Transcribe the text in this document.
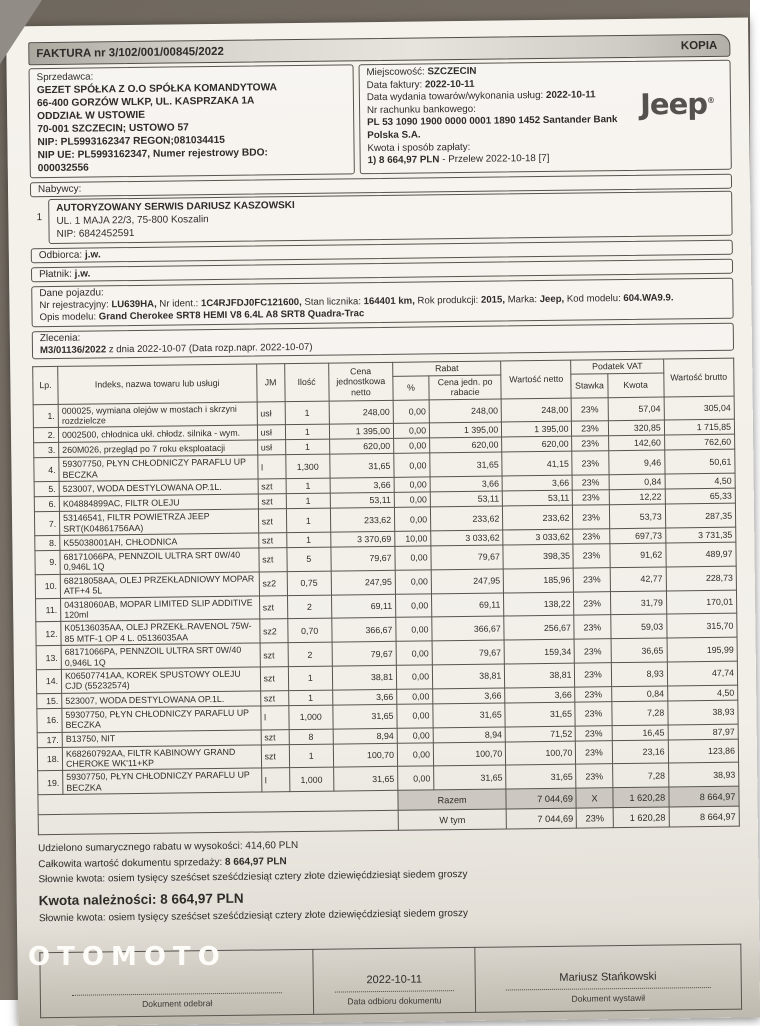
FAKTURA nr 3/102/001/00845/2022	KOPIA
Sprzedawca:
GEZET SPÓŁKA Z O.O SPÓŁKA KOMANDYTOWA
66-400 GORZÓW WLKP, UL. KASPRZAKA 1A
ODDZIAŁ W USTOWIE
70-001 SZCZECIN; USTOWO 57
NIP: PL5993162347 REGON;081034415
NIP UE: PL5993162347, Numer rejestrowy BDO:
000032556
Miejscowość: SZCZECIN
Data faktury: 2022-10-11
Data wydania towarów/wykonania usług: 2022-10-11
Nr rachunku bankowego:
PL 53 1090 1900 0000 0001 1890 1452 Santander Bank
Polska S.A.
Kwota i sposób zapłaty:
1) 8 664,97 PLN - Przelew 2022-10-18 [7]
Jeep®
Nabywcy:
1
AUTORYZOWANY SERWIS DARIUSZ KASZOWSKI
UL. 1 MAJA 22/3, 75-800 Koszalin
NIP: 6842452591
Odbiorca: j.w.
Płatnik: j.w.
Dane pojazdu:
Nr rejestracyjny: LU639HA, Nr ident.: 1C4RJFDJ0FC121600, Stan licznika: 164401 km, Rok produkcji: 2015, Marka: Jeep, Kod modelu: 604.WA9.9.
Opis modelu: Grand Cherokee SRT8 HEMI V8 6.4L A8 SRT8 Quadra-Trac
Zlecenia:
M3/01136/2022 z dnia 2022-10-07 (Data rozp.napr. 2022-10-07)
Lp.	Indeks, nazwa towaru lub usługi	JM	Ilość	Cena jednostkowa netto	Rabat		Wartość netto	Podatek VAT		Wartość brutto
					%	Cena jedn. po rabacie		Stawka	Kwota	
1.	000025, wymiana olejów w mostach i skrzyni rozdzielcze	usł	1	248,00	0,00	248,00	248,00	23%	57,04	305,04
2.	0002500, chłodnica ukł. chłodz. silnika - wym.	usł	1	1 395,00	0,00	1 395,00	1 395,00	23%	320,85	1 715,85
3.	260M026, przegląd po 7 roku eksploatacji	usł	1	620,00	0,00	620,00	620,00	23%	142,60	762,60
4.	59307750, PŁYN CHŁODNICZY PARAFLU UP BECZKA	l	1,300	31,65	0,00	31,65	41,15	23%	9,46	50,61
5.	523007, WODA DESTYLOWANA OP.1L.	szt	1	3,66	0,00	3,66	3,66	23%	0,84	4,50
6.	K04884899AC, FILTR OLEJU	szt	1	53,11	0,00	53,11	53,11	23%	12,22	65,33
7.	53146541, FILTR POWIETRZA JEEP SRT(K04861756AA)	szt	1	233,62	0,00	233,62	233,62	23%	53,73	287,35
8.	K55038001AH, CHŁODNICA	szt	1	3 370,69	10,00	3 033,62	3 033,62	23%	697,73	3 731,35
9.	68171066PA, PENNZOIL ULTRA SRT 0W/40 0,946L 1Q	szt	5	79,67	0,00	79,67	398,35	23%	91,62	489,97
10.	68218058AA, OLEJ PRZEKŁADNIOWY MOPAR ATF+4 5L	sz2	0,75	247,95	0,00	247,95	185,96	23%	42,77	228,73
11.	04318060AB, MOPAR LIMITED SLIP ADDITIVE 120ml	szt	2	69,11	0,00	69,11	138,22	23%	31,79	170,01
12.	K05136035AA, OLEJ PRZEKŁ.RAVENOL 75W-85 MTF-1 OP 4 L. 05136035AA	sz2	0,70	366,67	0,00	366,67	256,67	23%	59,03	315,70
13.	68171066PA, PENNZOIL ULTRA SRT 0W/40 0,946L 1Q	szt	2	79,67	0,00	79,67	159,34	23%	36,65	195,99
14.	K06507741AA, KOREK SPUSTOWY OLEJU CJD (55232574)	szt	1	38,81	0,00	38,81	38,81	23%	8,93	47,74
15.	523007, WODA DESTYLOWANA OP.1L.	szt	1	3,66	0,00	3,66	3,66	23%	0,84	4,50
16.	59307750, PŁYN CHŁODNICZY PARAFLU UP BECZKA	l	1,000	31,65	0,00	31,65	31,65	23%	7,28	38,93
17.	B13750, NIT	szt	8	8,94	0,00	8,94	71,52	23%	16,45	87,97
18.	K68260792AA, FILTR KABINOWY GRAND CHEROKE WK'11+KP	szt	1	100,70	0,00	100,70	100,70	23%	23,16	123,86
19.	59307750, PŁYN CHŁODNICZY PARAFLU UP BECZKA	l	1,000	31,65	0,00	31,65	31,65	23%	7,28	38,93
					Razem		7 044,69	X	1 620,28	8 664,97
					W tym		7 044,69	23%	1 620,28	8 664,97
Udzielono sumarycznego rabatu w wysokości: 414,60 PLN
Całkowita wartość dokumentu sprzedaży: 8 664,97 PLN
Słownie kwota: osiem tysięcy sześćset sześćdziesiąt cztery złote dziewięćdziesiąt siedem groszy
Kwota należności: 8 664,97 PLN
Słownie kwota: osiem tysięcy sześćset sześćdziesiąt cztery złote dziewięćdziesiąt siedem groszy
Dokument odebrał

2022-10-11
Data odbioru dokumentu

Mariusz Stańkowski
Dokument wystawił
OTOMOTO
